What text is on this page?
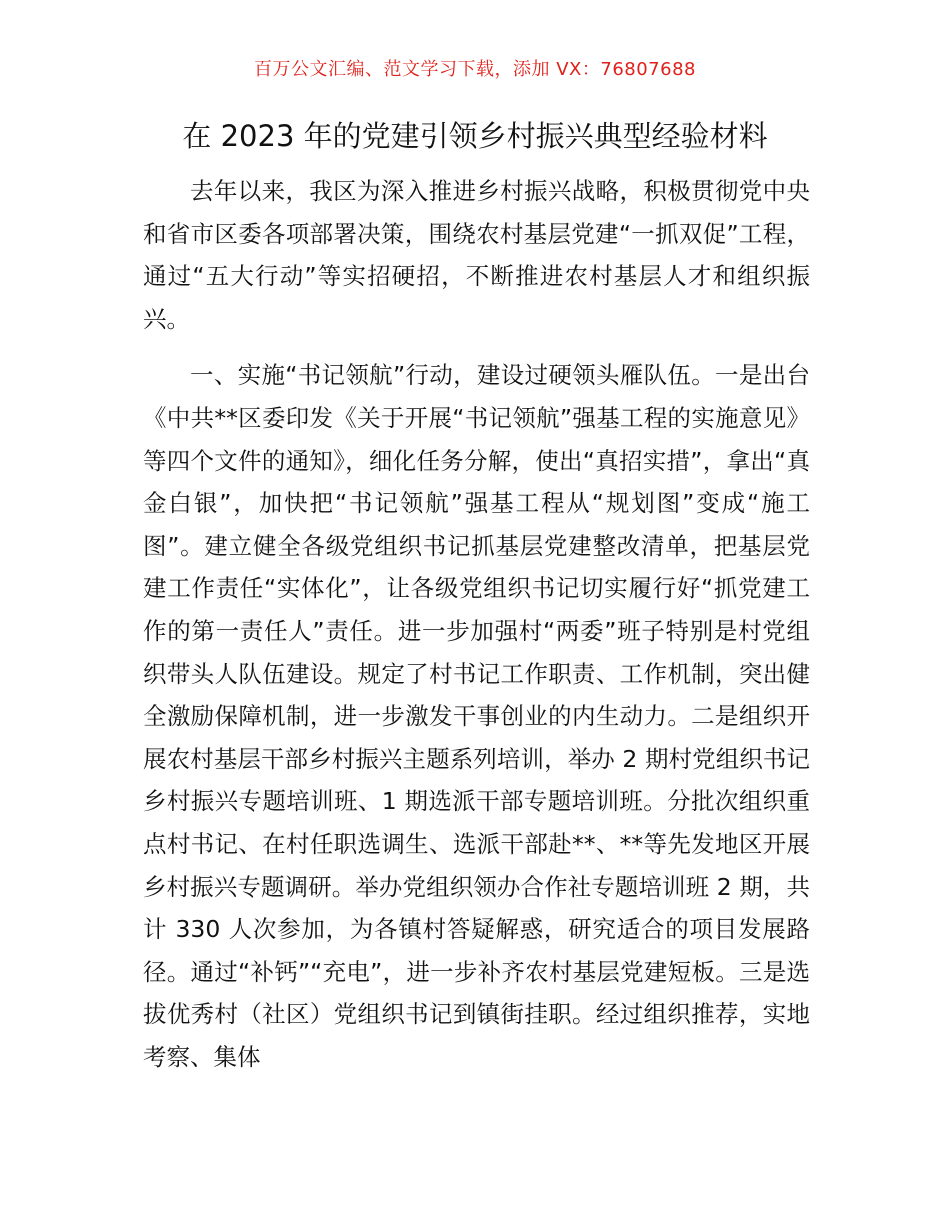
百万公文汇编、范文学习下载，添加 VX：76807688
在 2023 年的党建引领乡村振兴典型经验材料

去年以来，我区为深入推进乡村振兴战略，积极贯彻党中央和省市区委各项部署决策，围绕农村基层党建“一抓双促”工程，通过“五大行动”等实招硬招，不断推进农村基层人才和组织振兴。

一、实施“书记领航”行动，建设过硬领头雁队伍。一是出台《中共**区委印发《关于开展“书记领航”强基工程的实施意见》等四个文件的通知》，细化任务分解，使出“真招实措”，拿出“真金白银”，加快把“书记领航”强基工程从“规划图”变成“施工图”。建立健全各级党组织书记抓基层党建整改清单，把基层党建工作责任“实体化”，让各级党组织书记切实履行好“抓党建工作的第一责任人”责任。进一步加强村“两委”班子特别是村党组织带头人队伍建设。规定了村书记工作职责、工作机制，突出健全激励保障机制，进一步激发干事创业的内生动力。二是组织开展农村基层干部乡村振兴主题系列培训，举办 2 期村党组织书记乡村振兴专题培训班、1 期选派干部专题培训班。分批次组织重点村书记、在村任职选调生、选派干部赴**、**等先发地区开展乡村振兴专题调研。举办党组织领办合作社专题培训班 2 期，共计 330 人次参加，为各镇村答疑解惑，研究适合的项目发展路径。通过“补钙”“充电”，进一步补齐农村基层党建短板。三是选拔优秀村（社区）党组织书记到镇街挂职。经过组织推荐，实地考察、集体
